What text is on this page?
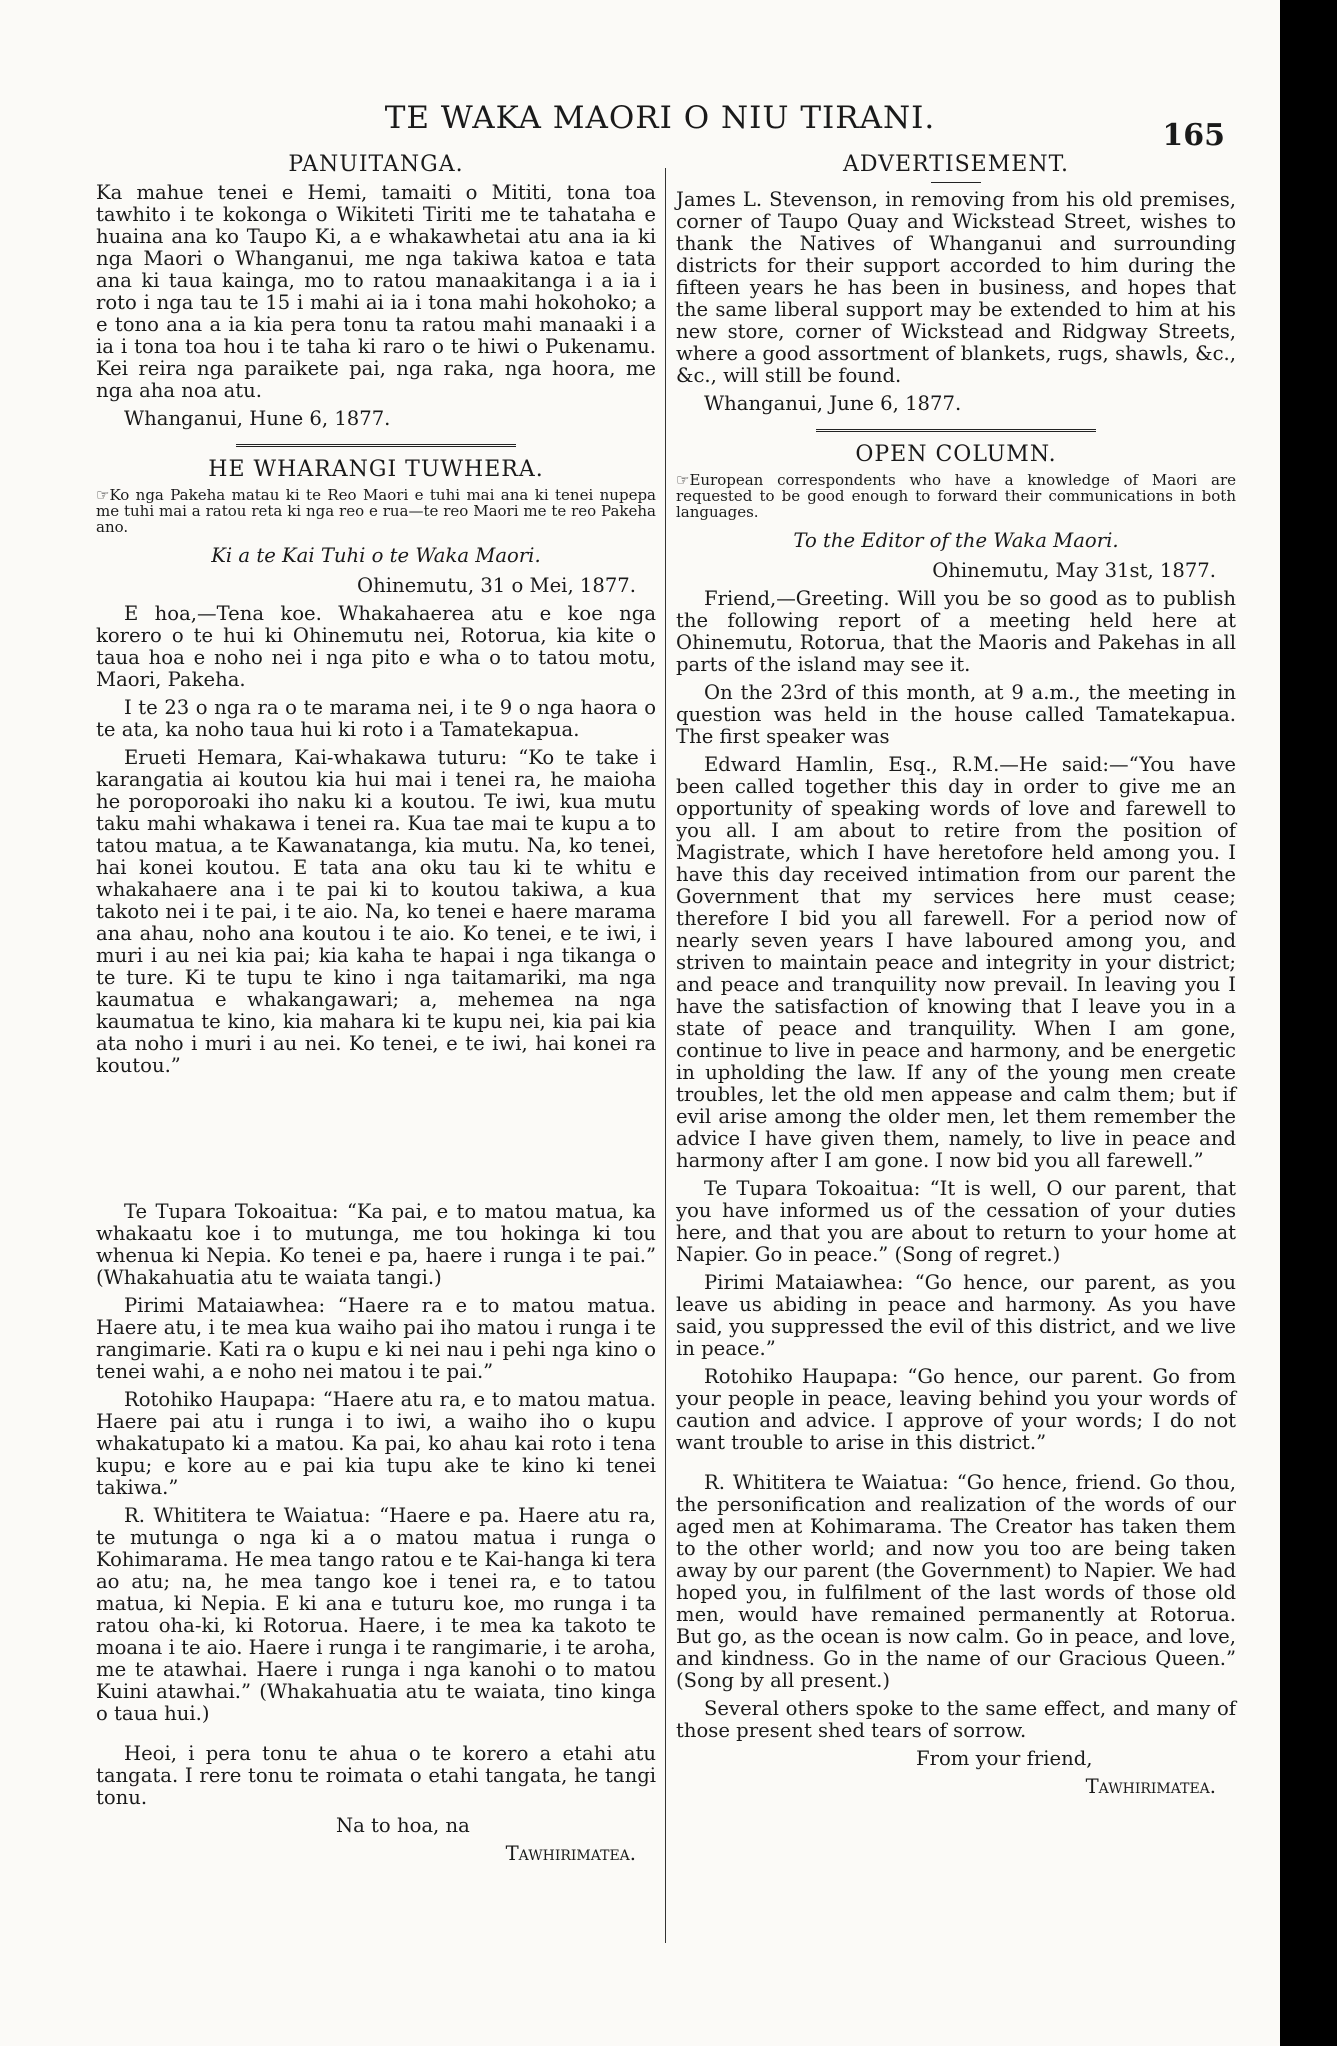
TE WAKA MAORI O NIU TIRANI.	165
PANUITANGA.

Ka mahue tenei e Hemi, tamaiti o Mititi, tona toa tawhito i te kokonga o Wikiteti Tiriti me te tahataha e huaina ana ko Taupo Ki, a e whakawhetai atu ana ia ki nga Maori o Whanganui, me nga takiwa katoa e tata ana ki taua kainga, mo to ratou manaakitanga i a ia i roto i nga tau te 15 i mahi ai ia i tona mahi hokohoko; a e tono ana a ia kia pera tonu ta ratou mahi manaaki i a ia i tona toa hou i te taha ki raro o te hiwi o Pukenamu. Kei reira nga paraikete pai, nga raka, nga hoora, me nga aha noa atu.

Whanganui, Hune 6, 1877.

HE WHARANGI TUWHERA.

☞Ko nga Pakeha matau ki te Reo Maori e tuhi mai ana ki tenei nupepa me tuhi mai a ratou reta ki nga reo e rua—te reo Maori me te reo Pakeha ano.

Ki a te Kai Tuhi o te Waka Maori.

Ohinemutu, 31 o Mei, 1877.

E hoa,—Tena koe. Whakahaerea atu e koe nga korero o te hui ki Ohinemutu nei, Rotorua, kia kite o taua hoa e noho nei i nga pito e wha o to tatou motu, Maori, Pakeha.

I te 23 o nga ra o te marama nei, i te 9 o nga haora o te ata, ka noho taua hui ki roto i a Tamatekapua.

Erueti Hemara, Kai-whakawa tuturu: “Ko te take i karangatia ai koutou kia hui mai i tenei ra, he maioha he poroporoaki iho naku ki a koutou. Te iwi, kua mutu taku mahi whakawa i tenei ra. Kua tae mai te kupu a to tatou matua, a te Kawanatanga, kia mutu. Na, ko tenei, hai konei koutou. E tata ana oku tau ki te whitu e whakahaere ana i te pai ki to koutou takiwa, a kua takoto nei i te pai, i te aio. Na, ko tenei e haere marama ana ahau, noho ana koutou i te aio. Ko tenei, e te iwi, i muri i au nei kia pai; kia kaha te hapai i nga tikanga o te ture. Ki te tupu te kino i nga taitamariki, ma nga kaumatua e whakangawari; a, mehemea na nga kaumatua te kino, kia mahara ki te kupu nei, kia pai kia ata noho i muri i au nei. Ko tenei, e te iwi, hai konei ra koutou.”

Te Tupara Tokoaitua: “Ka pai, e to matou matua, ka whakaatu koe i to mutunga, me tou hokinga ki tou whenua ki Nepia. Ko tenei e pa, haere i runga i te pai.” (Whakahuatia atu te waiata tangi.)

Pirimi Mataiawhea: “Haere ra e to matou matua. Haere atu, i te mea kua waiho pai iho matou i runga i te rangimarie. Kati ra o kupu e ki nei nau i pehi nga kino o tenei wahi, a e noho nei matou i te pai.”

Rotohiko Haupapa: “Haere atu ra, e to matou matua. Haere pai atu i runga i to iwi, a waiho iho o kupu whakatupato ki a matou. Ka pai, ko ahau kai roto i tena kupu; e kore au e pai kia tupu ake te kino ki tenei takiwa.”

R. Whititera te Waiatua: “Haere e pa. Haere atu ra, te mutunga o nga ki a o matou matua i runga o Kohimarama. He mea tango ratou e te Kai-hanga ki tera ao atu; na, he mea tango koe i tenei ra, e to tatou matua, ki Nepia. E ki ana e tuturu koe, mo runga i ta ratou oha-ki, ki Rotorua. Haere, i te mea ka takoto te moana i te aio. Haere i runga i te rangimarie, i te aroha, me te atawhai. Haere i runga i nga kanohi o to matou Kuini atawhai.” (Whakahuatia atu te waiata, tino kinga o taua hui.)

Heoi, i pera tonu te ahua o te korero a etahi atu tangata. I rere tonu te roimata o etahi tangata, he tangi tonu.

Na to hoa, na

Tawhirimatea.

ADVERTISEMENT.

James L. Stevenson, in removing from his old premises, corner of Taupo Quay and Wickstead Street, wishes to thank the Natives of Whanganui and surrounding districts for their support accorded to him during the fifteen years he has been in business, and hopes that the same liberal support may be extended to him at his new store, corner of Wickstead and Ridgway Streets, where a good assortment of blankets, rugs, shawls, &c., &c., will still be found.

Whanganui, June 6, 1877.

OPEN COLUMN.

☞European correspondents who have a knowledge of Maori are requested to be good enough to forward their communications in both languages.

To the Editor of the Waka Maori.

Ohinemutu, May 31st, 1877.

Friend,—Greeting. Will you be so good as to publish the following report of a meeting held here at Ohinemutu, Rotorua, that the Maoris and Pakehas in all parts of the island may see it.

On the 23rd of this month, at 9 a.m., the meeting in question was held in the house called Tamatekapua. The first speaker was

Edward Hamlin, Esq., R.M.—He said:—“You have been called together this day in order to give me an opportunity of speaking words of love and farewell to you all. I am about to retire from the position of Magistrate, which I have heretofore held among you. I have this day received intimation from our parent the Government that my services here must cease; therefore I bid you all farewell. For a period now of nearly seven years I have laboured among you, and striven to maintain peace and integrity in your district; and peace and tranquility now prevail. In leaving you I have the satisfaction of knowing that I leave you in a state of peace and tranquility. When I am gone, continue to live in peace and harmony, and be energetic in upholding the law. If any of the young men create troubles, let the old men appease and calm them; but if evil arise among the older men, let them remember the advice I have given them, namely, to live in peace and harmony after I am gone. I now bid you all farewell.”

Te Tupara Tokoaitua: “It is well, O our parent, that you have informed us of the cessation of your duties here, and that you are about to return to your home at Napier. Go in peace.” (Song of regret.)

Pirimi Mataiawhea: “Go hence, our parent, as you leave us abiding in peace and harmony. As you have said, you suppressed the evil of this district, and we live in peace.”

Rotohiko Haupapa: “Go hence, our parent. Go from your people in peace, leaving behind you your words of caution and advice. I approve of your words; I do not want trouble to arise in this district.”

R. Whititera te Waiatua: “Go hence, friend. Go thou, the personification and realization of the words of our aged men at Kohimarama. The Creator has taken them to the other world; and now you too are being taken away by our parent (the Government) to Napier. We had hoped you, in fulfilment of the last words of those old men, would have remained permanently at Rotorua. But go, as the ocean is now calm. Go in peace, and love, and kindness. Go in the name of our Gracious Queen.” (Song by all present.)

Several others spoke to the same effect, and many of those present shed tears of sorrow.

From your friend,

Tawhirimatea.
